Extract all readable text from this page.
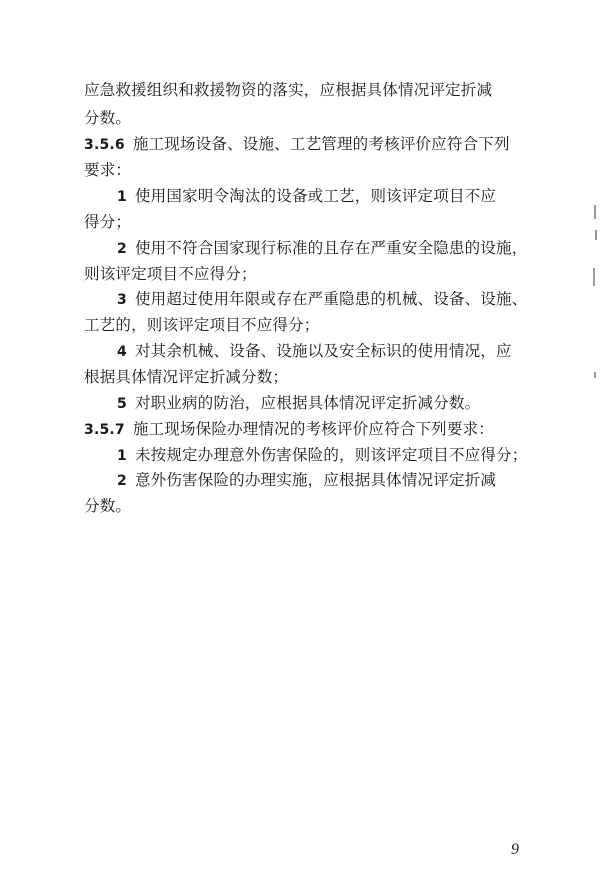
应急救援组织和救援物资的落实，应根据具体情况评定折减
分数。
3.5.6 施工现场设备、设施、工艺管理的考核评价应符合下列
要求：
1 使用国家明令淘汰的设备或工艺，则该评定项目不应
得分；
2 使用不符合国家现行标准的且存在严重安全隐患的设施，
则该评定项目不应得分；
3 使用超过使用年限或存在严重隐患的机械、设备、设施、
工艺的，则该评定项目不应得分；
4 对其余机械、设备、设施以及安全标识的使用情况，应
根据具体情况评定折减分数；
5 对职业病的防治，应根据具体情况评定折减分数。
3.5.7 施工现场保险办理情况的考核评价应符合下列要求：
1 未按规定办理意外伤害保险的，则该评定项目不应得分；
2 意外伤害保险的办理实施，应根据具体情况评定折减
分数。
9
